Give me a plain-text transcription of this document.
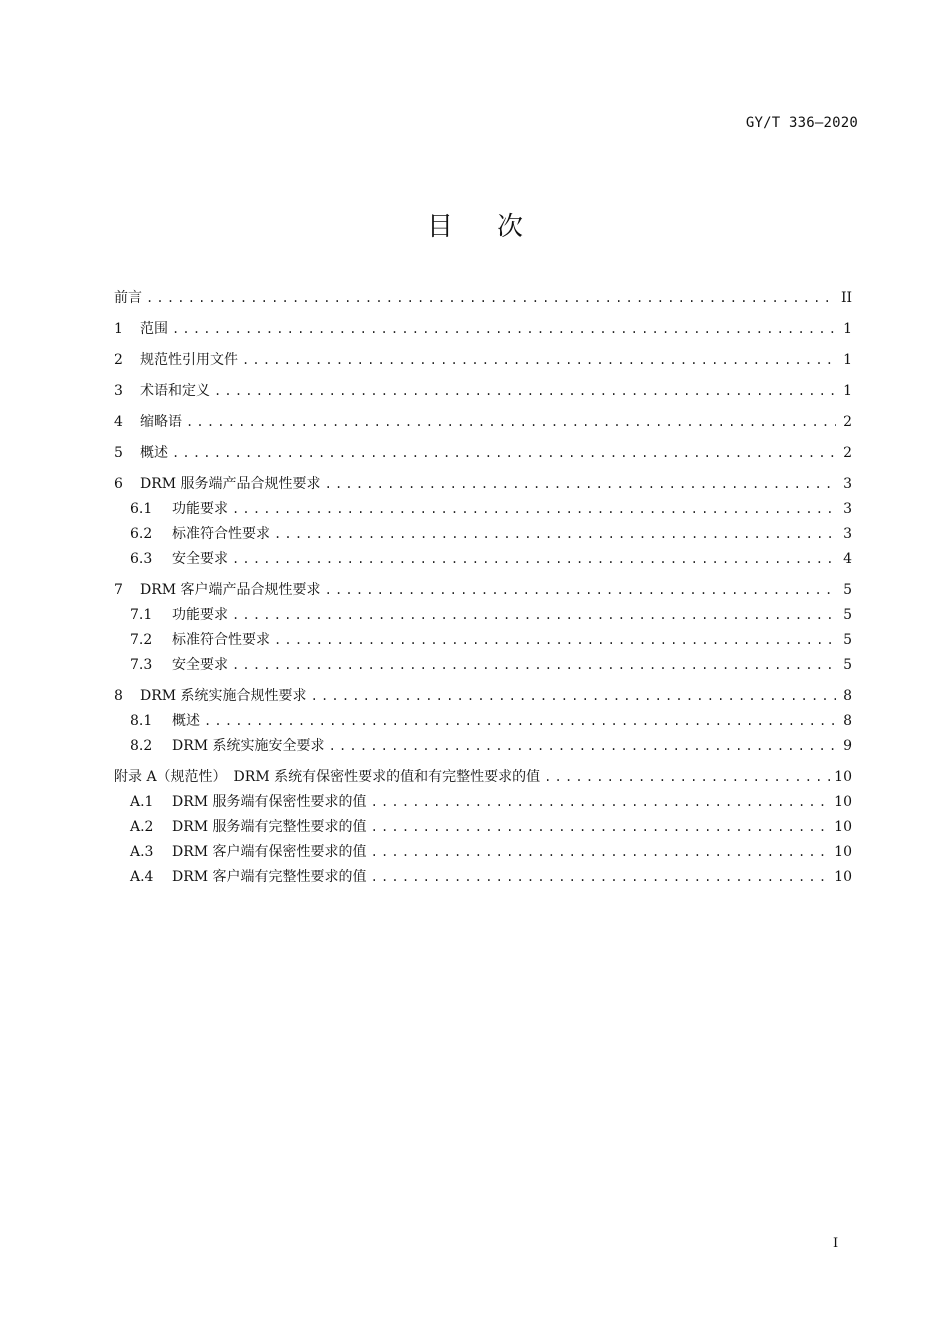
GY/T 336—2020
目次
前言 .....	II
1	范围 .....	1
2	规范性引用文件 .....	1
3	术语和定义 .....	1
4	缩略语 .....	2
5	概述 .....	2
6	DRM 服务端产品合规性要求 .....	3
6.1	功能要求 .....	3
6.2	标准符合性要求 .....	3
6.3	安全要求 .....	4
7	DRM 客户端产品合规性要求 .....	5
7.1	功能要求 .....	5
7.2	标准符合性要求 .....	5
7.3	安全要求 .....	5
8	DRM 系统实施合规性要求 .....	8
8.1	概述 .....	8
8.2	DRM 系统实施安全要求 .....	9
附录 A（规范性）　DRM 系统有保密性要求的值和有完整性要求的值 .....	10
A.1	DRM 服务端有保密性要求的值 .....	10
A.2	DRM 服务端有完整性要求的值 .....	10
A.3	DRM 客户端有保密性要求的值 .....	10
A.4	DRM 客户端有完整性要求的值 .....	10
I
